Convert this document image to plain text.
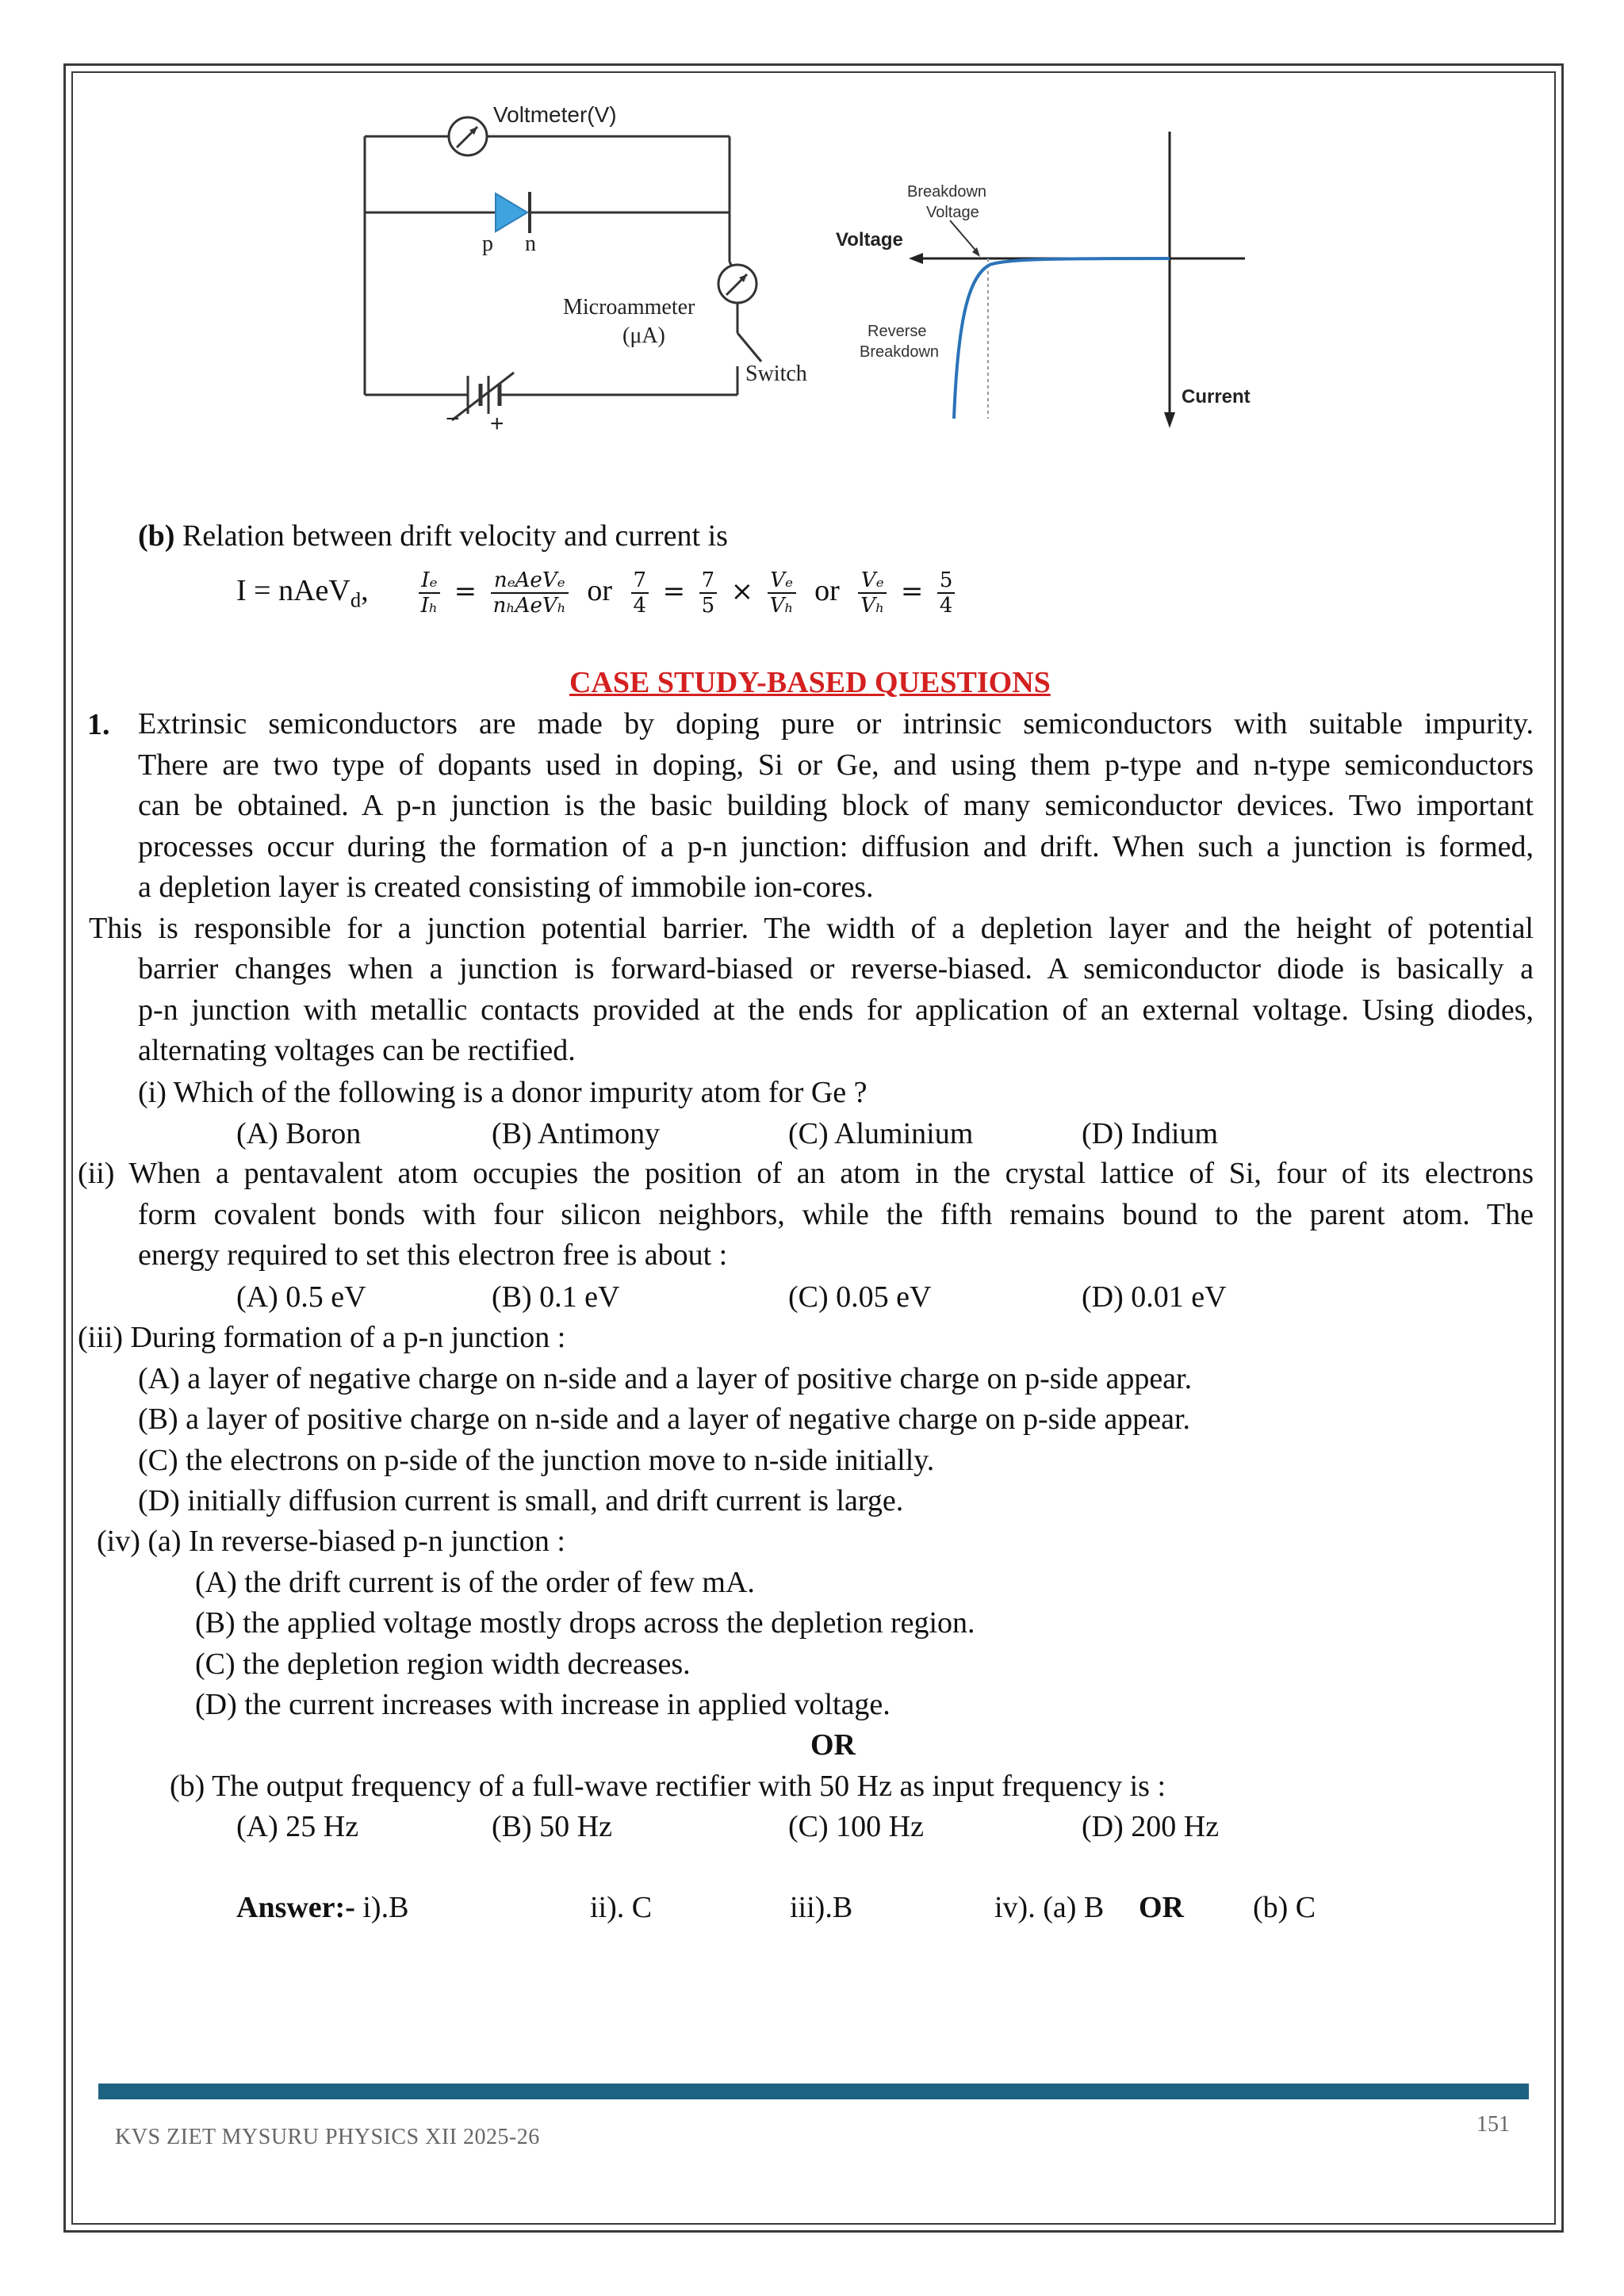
Voltmeter(V)
p n
Microammeter
(μA)
Switch
− +
Breakdown
Voltage
Voltage
Reverse
Breakdown
Current
(b) Relation between drift velocity and current is
I = nAeV$_d$, $\frac{\text{Iₑ}}{\text{Iₕ}} = \frac{\text{nₑAeVₑ}}{\text{nₕAeVₕ}}$ or $\frac{7}{4} = \frac{7}{5} \times \frac{\text{Vₑ}}{\text{Vₕ}}$ or $\frac{\text{Vₑ}}{\text{Vₕ}} = \frac{5}{4}$
CASE STUDY-BASED QUESTIONS
1. Extrinsic semiconductors are made by doping pure or intrinsic semiconductors with suitable impurity.
There are two type of dopants used in doping, Si or Ge, and using them p-type and n-type semiconductors
can be obtained. A p-n junction is the basic building block of many semiconductor devices. Two important
processes occur during the formation of a p-n junction: diffusion and drift. When such a junction is formed,
a depletion layer is created consisting of immobile ion-cores.
This is responsible for a junction potential barrier. The width of a depletion layer and the height of potential
barrier changes when a junction is forward-biased or reverse-biased. A semiconductor diode is basically a
p-n junction with metallic contacts provided at the ends for application of an external voltage. Using diodes,
alternating voltages can be rectified.
(i) Which of the following is a donor impurity atom for Ge ?
(A) Boron	(B) Antimony	(C) Aluminium	(D) Indium
(ii) When a pentavalent atom occupies the position of an atom in the crystal lattice of Si, four of its electrons
form covalent bonds with four silicon neighbors, while the fifth remains bound to the parent atom. The
energy required to set this electron free is about :
(A) 0.5 eV	(B) 0.1 eV	(C) 0.05 eV	(D) 0.01 eV
(iii) During formation of a p-n junction :
(A) a layer of negative charge on n-side and a layer of positive charge on p-side appear.
(B) a layer of positive charge on n-side and a layer of negative charge on p-side appear.
(C) the electrons on p-side of the junction move to n-side initially.
(D) initially diffusion current is small, and drift current is large.
(iv) (a) In reverse-biased p-n junction :
(A) the drift current is of the order of few mA.
(B) the applied voltage mostly drops across the depletion region.
(C) the depletion region width decreases.
(D) the current increases with increase in applied voltage.
OR
(b) The output frequency of a full-wave rectifier with 50 Hz as input frequency is :
(A) 25 Hz	(B) 50 Hz	(C) 100 Hz	(D) 200 Hz
Answer:- i).B	ii). C	iii).B	iv). (a) B OR (b) C
KVS ZIET MYSURU PHYSICS XII 2025-26
151
